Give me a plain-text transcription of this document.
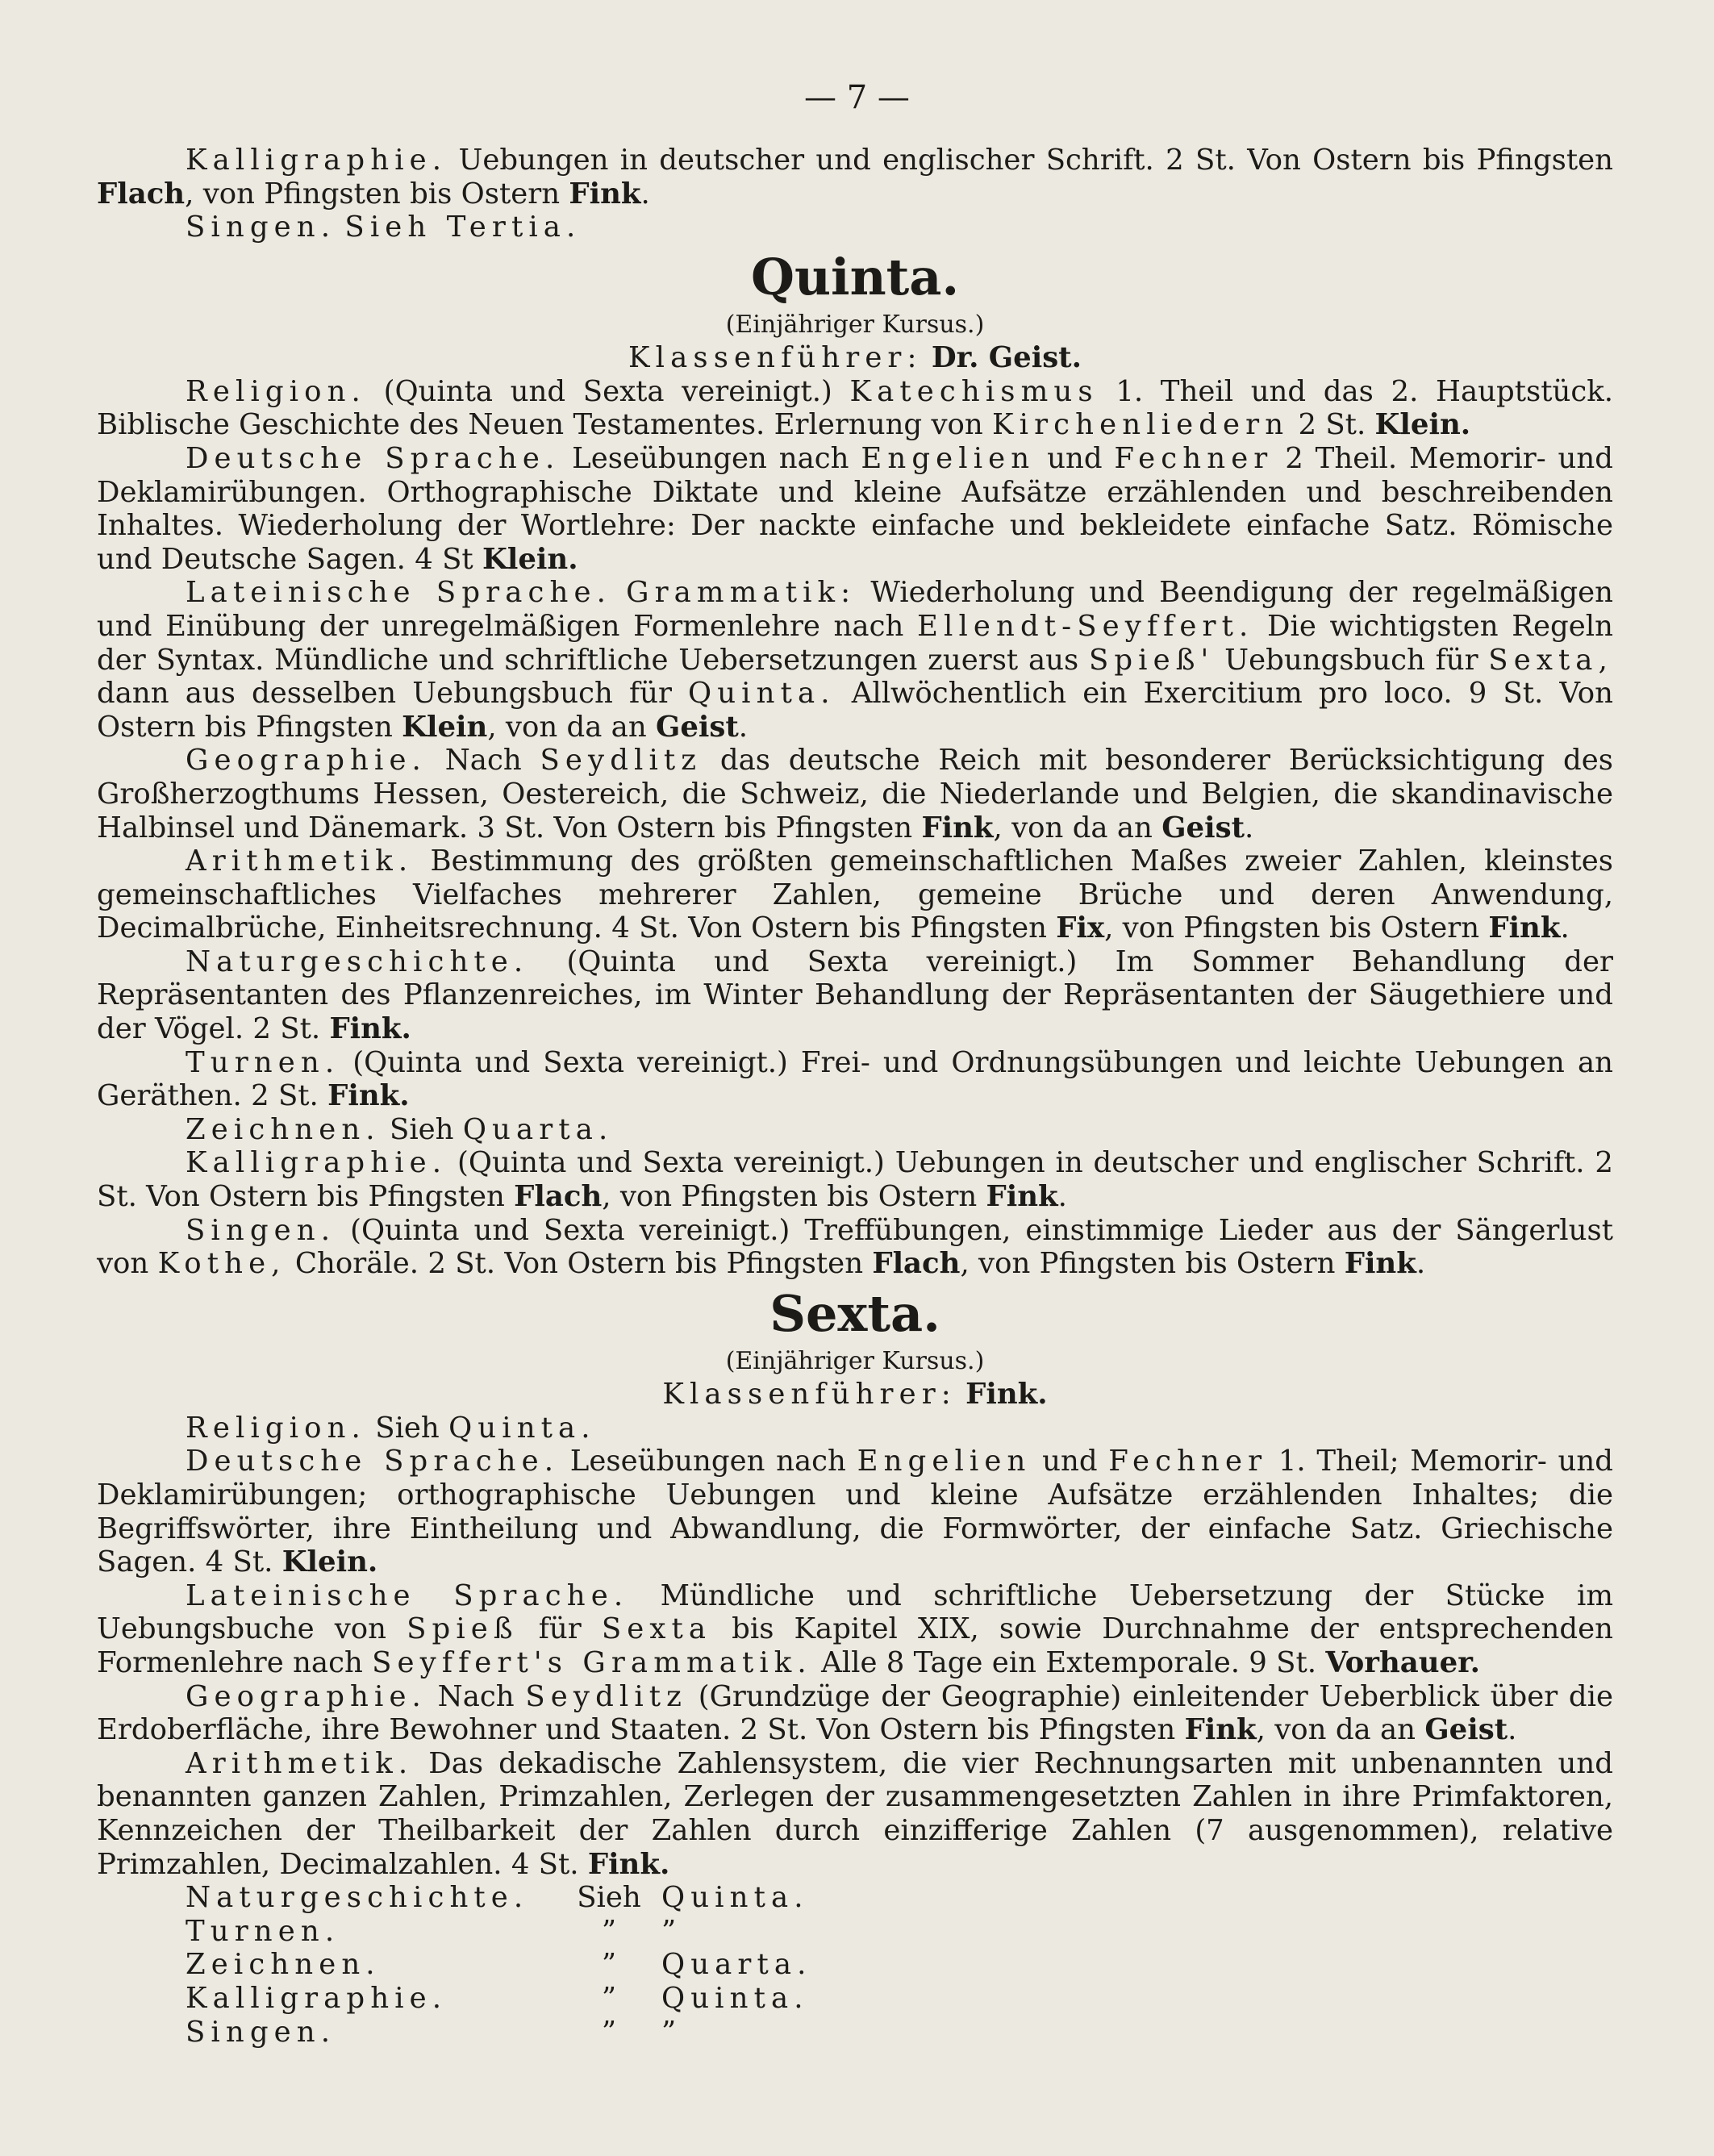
— 7 —

Kalligraphie. Uebungen in deutscher und englischer Schrift. 2 St. Von Ostern bis Pfingsten Flach, von Pfingsten bis Ostern Fink.

Singen. Sieh Tertia.

Quinta.
(Einjähriger Kursus.)
Klassenführer: Dr. Geist.

Religion. (Quinta und Sexta vereinigt.) Katechismus 1. Theil und das 2. Hauptstück. Biblische Geschichte des Neuen Testamentes. Erlernung von Kirchenliedern 2 St. Klein.

Deutsche Sprache. Leseübungen nach Engelien und Fechner 2 Theil. Memorir- und Deklamirübungen. Orthographische Diktate und kleine Aufsätze erzählenden und beschreibenden Inhaltes. Wiederholung der Wortlehre: Der nackte einfache und bekleidete einfache Satz. Römische und Deutsche Sagen. 4 St Klein.

Lateinische Sprache. Grammatik: Wiederholung und Beendigung der regelmäßigen und Einübung der unregelmäßigen Formenlehre nach Ellendt-Seyffert. Die wichtigsten Regeln der Syntax. Mündliche und schriftliche Uebersetzungen zuerst aus Spieß' Uebungsbuch für Sexta, dann aus desselben Uebungsbuch für Quinta. Allwöchentlich ein Exercitium pro loco. 9 St. Von Ostern bis Pfingsten Klein, von da an Geist.

Geographie. Nach Seydlitz das deutsche Reich mit besonderer Berücksichtigung des Großherzogthums Hessen, Oestereich, die Schweiz, die Niederlande und Belgien, die skandinavische Halbinsel und Dänemark. 3 St. Von Ostern bis Pfingsten Fink, von da an Geist.

Arithmetik. Bestimmung des größten gemeinschaftlichen Maßes zweier Zahlen, kleinstes gemeinschaftliches Vielfaches mehrerer Zahlen, gemeine Brüche und deren Anwendung, Decimalbrüche, Einheitsrechnung. 4 St. Von Ostern bis Pfingsten Fix, von Pfingsten bis Ostern Fink.

Naturgeschichte. (Quinta und Sexta vereinigt.) Im Sommer Behandlung der Repräsentanten des Pflanzenreiches, im Winter Behandlung der Repräsentanten der Säugethiere und der Vögel. 2 St. Fink.

Turnen. (Quinta und Sexta vereinigt.) Frei- und Ordnungsübungen und leichte Uebungen an Geräthen. 2 St. Fink.

Zeichnen. Sieh Quarta.

Kalligraphie. (Quinta und Sexta vereinigt.) Uebungen in deutscher und englischer Schrift. 2 St. Von Ostern bis Pfingsten Flach, von Pfingsten bis Ostern Fink.

Singen. (Quinta und Sexta vereinigt.) Treffübungen, einstimmige Lieder aus der Sängerlust von Kothe, Choräle. 2 St. Von Ostern bis Pfingsten Flach, von Pfingsten bis Ostern Fink.

Sexta.
(Einjähriger Kursus.)
Klassenführer: Fink.

Religion. Sieh Quinta.

Deutsche Sprache. Leseübungen nach Engelien und Fechner 1. Theil; Memorir- und Deklamirübungen; orthographische Uebungen und kleine Aufsätze erzählenden Inhaltes; die Begriffswörter, ihre Eintheilung und Abwandlung, die Formwörter, der einfache Satz. Griechische Sagen. 4 St. Klein.

Lateinische Sprache. Mündliche und schriftliche Uebersetzung der Stücke im Uebungsbuche von Spieß für Sexta bis Kapitel XIX, sowie Durchnahme der entsprechenden Formenlehre nach Seyffert's Grammatik. Alle 8 Tage ein Extemporale. 9 St. Vorhauer.

Geographie. Nach Seydlitz (Grundzüge der Geographie) einleitender Ueberblick über die Erdoberfläche, ihre Bewohner und Staaten. 2 St. Von Ostern bis Pfingsten Fink, von da an Geist.

Arithmetik. Das dekadische Zahlensystem, die vier Rechnungsarten mit unbenannten und benannten ganzen Zahlen, Primzahlen, Zerlegen der zusammengesetzten Zahlen in ihre Primfaktoren, Kennzeichen der Theilbarkeit der Zahlen durch einzifferige Zahlen (7 ausgenommen), relative Primzahlen, Decimalzahlen. 4 St. Fink.

Naturgeschichte.	Sieh	Quinta.
Turnen.	”	”
Zeichnen.	”	Quarta.
Kalligraphie.	”	Quinta.
Singen.	”	”
